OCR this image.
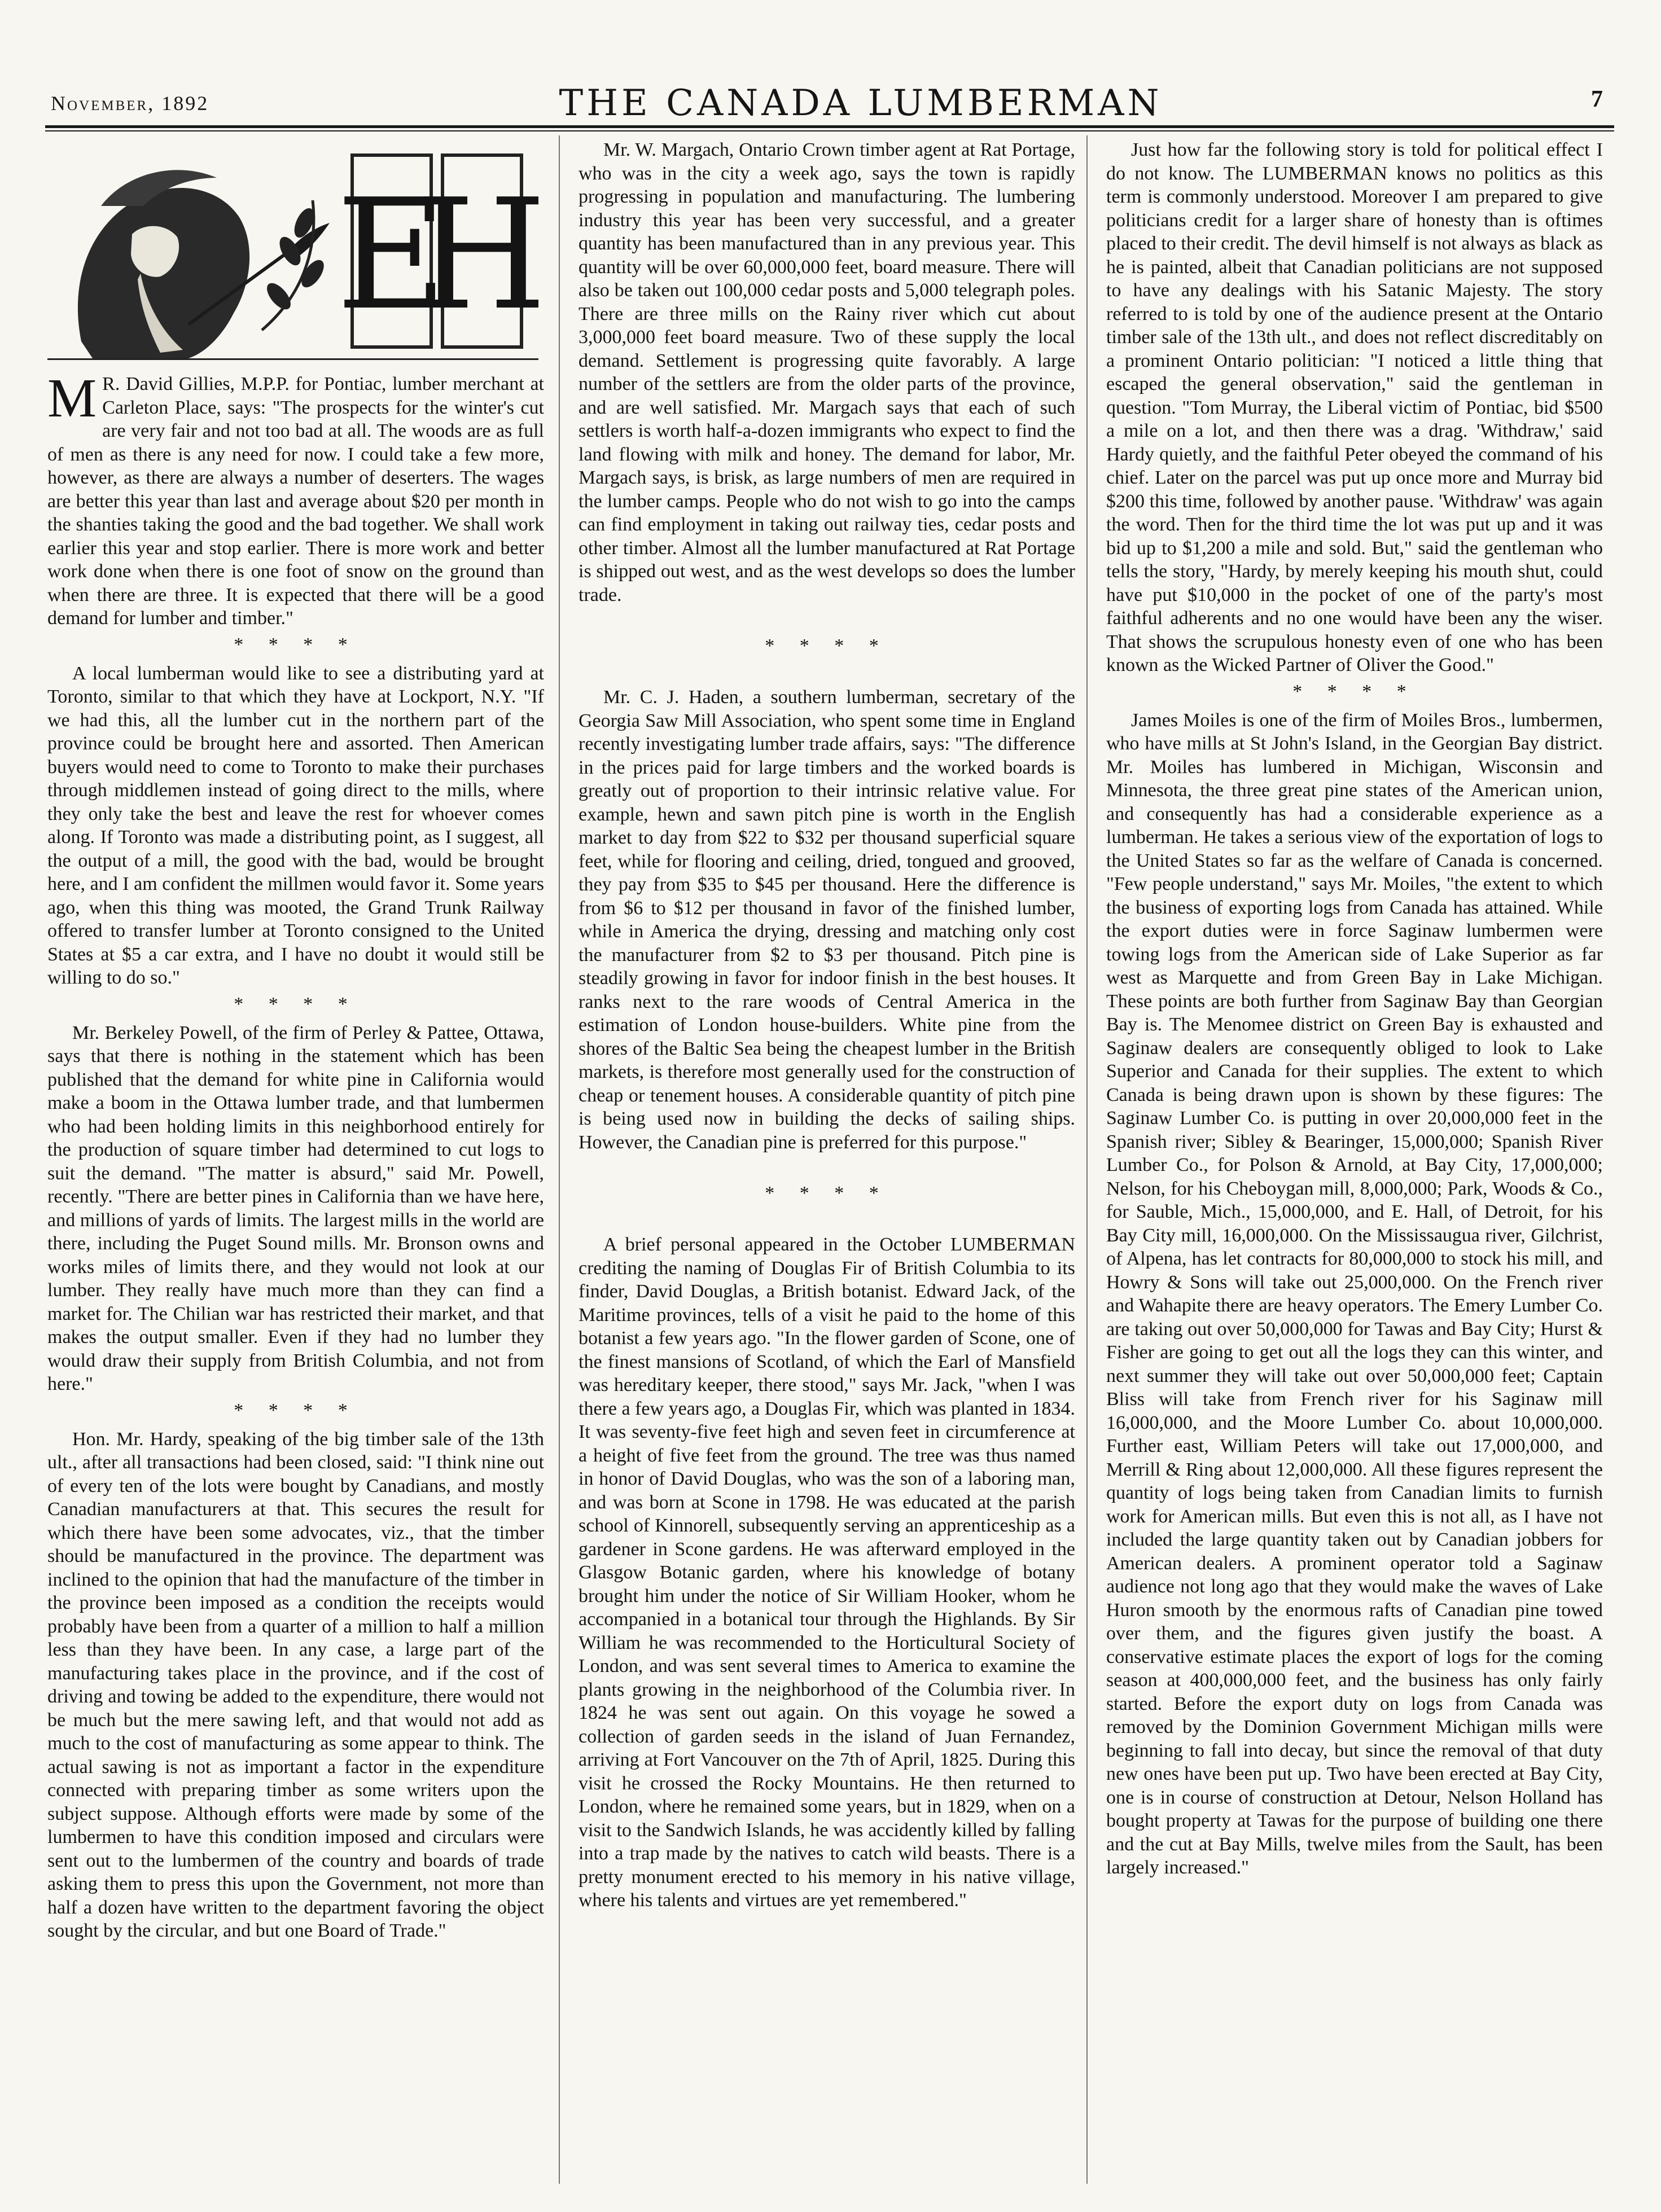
November, 1892	THE CANADA LUMBERMAN	7
E
H

M R. David Gillies, M.P.P. for Pontiac, lumber merchant at Carleton Place, says: "The prospects for the winter's cut are very fair and not too bad at all. The woods are as full of men as there is any need for now. I could take a few more, however, as there are always a number of deserters. The wages are better this year than last and average about $20 per month in the shanties taking the good and the bad together. We shall work earlier this year and stop earlier. There is more work and better work done when there is one foot of snow on the ground than when there are three. It is expected that there will be a good demand for lumber and timber."

* * * *

A local lumberman would like to see a distributing yard at Toronto, similar to that which they have at Lockport, N.Y. "If we had this, all the lumber cut in the northern part of the province could be brought here and assorted. Then American buyers would need to come to Toronto to make their purchases through middlemen instead of going direct to the mills, where they only take the best and leave the rest for whoever comes along. If Toronto was made a distributing point, as I suggest, all the output of a mill, the good with the bad, would be brought here, and I am confident the millmen would favor it. Some years ago, when this thing was mooted, the Grand Trunk Railway offered to transfer lumber at Toronto consigned to the United States at $5 a car extra, and I have no doubt it would still be willing to do so."

* * * *

Mr. Berkeley Powell, of the firm of Perley & Pattee, Ottawa, says that there is nothing in the statement which has been published that the demand for white pine in California would make a boom in the Ottawa lumber trade, and that lumbermen who had been holding limits in this neighborhood entirely for the production of square timber had determined to cut logs to suit the demand. "The matter is absurd," said Mr. Powell, recently. "There are better pines in California than we have here, and millions of yards of limits. The largest mills in the world are there, including the Puget Sound mills. Mr. Bronson owns and works miles of limits there, and they would not look at our lumber. They really have much more than they can find a market for. The Chilian war has restricted their market, and that makes the output smaller. Even if they had no lumber they would draw their supply from British Columbia, and not from here."

* * * *

Hon. Mr. Hardy, speaking of the big timber sale of the 13th ult., after all transactions had been closed, said: "I think nine out of every ten of the lots were bought by Canadians, and mostly Canadian manufacturers at that. This secures the result for which there have been some advocates, viz., that the timber should be manufactured in the province. The department was inclined to the opinion that had the manufacture of the timber in the province been imposed as a condition the receipts would probably have been from a quarter of a million to half a million less than they have been. In any case, a large part of the manufacturing takes place in the province, and if the cost of driving and towing be added to the expenditure, there would not be much but the mere sawing left, and that would not add as much to the cost of manufacturing as some appear to think. The actual sawing is not as important a factor in the expenditure connected with preparing timber as some writers upon the subject suppose. Although efforts were made by some of the lumbermen to have this condition imposed and circulars were sent out to the lumbermen of the country and boards of trade asking them to press this upon the Government, not more than half a dozen have written to the department favoring the object sought by the circular, and but one Board of Trade."

Mr. W. Margach, Ontario Crown timber agent at Rat Portage, who was in the city a week ago, says the town is rapidly progressing in population and manufacturing. The lumbering industry this year has been very successful, and a greater quantity has been manufactured than in any previous year. This quantity will be over 60,000,000 feet, board measure. There will also be taken out 100,000 cedar posts and 5,000 telegraph poles. There are three mills on the Rainy river which cut about 3,000,000 feet board measure. Two of these supply the local demand. Settlement is progressing quite favorably. A large number of the settlers are from the older parts of the province, and are well satisfied. Mr. Margach says that each of such settlers is worth half-a-dozen immigrants who expect to find the land flowing with milk and honey. The demand for labor, Mr. Margach says, is brisk, as large numbers of men are required in the lumber camps. People who do not wish to go into the camps can find employment in taking out railway ties, cedar posts and other timber. Almost all the lumber manufactured at Rat Portage is shipped out west, and as the west develops so does the lumber trade.

* * * *

Mr. C. J. Haden, a southern lumberman, secretary of the Georgia Saw Mill Association, who spent some time in England recently investigating lumber trade affairs, says: "The difference in the prices paid for large timbers and the worked boards is greatly out of proportion to their intrinsic relative value. For example, hewn and sawn pitch pine is worth in the English market to day from $22 to $32 per thousand superficial square feet, while for flooring and ceiling, dried, tongued and grooved, they pay from $35 to $45 per thousand. Here the difference is from $6 to $12 per thousand in favor of the finished lumber, while in America the drying, dressing and matching only cost the manufacturer from $2 to $3 per thousand. Pitch pine is steadily growing in favor for indoor finish in the best houses. It ranks next to the rare woods of Central America in the estimation of London house-builders. White pine from the shores of the Baltic Sea being the cheapest lumber in the British markets, is therefore most generally used for the construction of cheap or tenement houses. A considerable quantity of pitch pine is being used now in building the decks of sailing ships. However, the Canadian pine is preferred for this purpose."

* * * *

A brief personal appeared in the October LUMBERMAN crediting the naming of Douglas Fir of British Columbia to its finder, David Douglas, a British botanist. Edward Jack, of the Maritime provinces, tells of a visit he paid to the home of this botanist a few years ago. "In the flower garden of Scone, one of the finest mansions of Scotland, of which the Earl of Mansfield was hereditary keeper, there stood," says Mr. Jack, "when I was there a few years ago, a Douglas Fir, which was planted in 1834. It was seventy-five feet high and seven feet in circumference at a height of five feet from the ground. The tree was thus named in honor of David Douglas, who was the son of a laboring man, and was born at Scone in 1798. He was educated at the parish school of Kinnorell, subsequently serving an apprenticeship as a gardener in Scone gardens. He was afterward employed in the Glasgow Botanic garden, where his knowledge of botany brought him under the notice of Sir William Hooker, whom he accompanied in a botanical tour through the Highlands. By Sir William he was recommended to the Horticultural Society of London, and was sent several times to America to examine the plants growing in the neighborhood of the Columbia river. In 1824 he was sent out again. On this voyage he sowed a collection of garden seeds in the island of Juan Fernandez, arriving at Fort Vancouver on the 7th of April, 1825. During this visit he crossed the Rocky Mountains. He then returned to London, where he remained some years, but in 1829, when on a visit to the Sandwich Islands, he was accidently killed by falling into a trap made by the natives to catch wild beasts. There is a pretty monument erected to his memory in his native village, where his talents and virtues are yet remembered."

Just how far the following story is told for political effect I do not know. The LUMBERMAN knows no politics as this term is commonly understood. Moreover I am prepared to give politicians credit for a larger share of honesty than is oftimes placed to their credit. The devil himself is not always as black as he is painted, albeit that Canadian politicians are not supposed to have any dealings with his Satanic Majesty. The story referred to is told by one of the audience present at the Ontario timber sale of the 13th ult., and does not reflect discreditably on a prominent Ontario politician: "I noticed a little thing that escaped the general observation," said the gentleman in question. "Tom Murray, the Liberal victim of Pontiac, bid $500 a mile on a lot, and then there was a drag. 'Withdraw,' said Hardy quietly, and the faithful Peter obeyed the command of his chief. Later on the parcel was put up once more and Murray bid $200 this time, followed by another pause. 'Withdraw' was again the word. Then for the third time the lot was put up and it was bid up to $1,200 a mile and sold. But," said the gentleman who tells the story, "Hardy, by merely keeping his mouth shut, could have put $10,000 in the pocket of one of the party's most faithful adherents and no one would have been any the wiser. That shows the scrupulous honesty even of one who has been known as the Wicked Partner of Oliver the Good."

* * * *

James Moiles is one of the firm of Moiles Bros., lumbermen, who have mills at St John's Island, in the Georgian Bay district. Mr. Moiles has lumbered in Michigan, Wisconsin and Minnesota, the three great pine states of the American union, and consequently has had a considerable experience as a lumberman. He takes a serious view of the exportation of logs to the United States so far as the welfare of Canada is concerned. "Few people understand," says Mr. Moiles, "the extent to which the business of exporting logs from Canada has attained. While the export duties were in force Saginaw lumbermen were towing logs from the American side of Lake Superior as far west as Marquette and from Green Bay in Lake Michigan. These points are both further from Saginaw Bay than Georgian Bay is. The Menomee district on Green Bay is exhausted and Saginaw dealers are consequently obliged to look to Lake Superior and Canada for their supplies. The extent to which Canada is being drawn upon is shown by these figures: The Saginaw Lumber Co. is putting in over 20,000,000 feet in the Spanish river; Sibley & Bearinger, 15,000,000; Spanish River Lumber Co., for Polson & Arnold, at Bay City, 17,000,000; Nelson, for his Cheboygan mill, 8,000,000; Park, Woods & Co., for Sauble, Mich., 15,000,000, and E. Hall, of Detroit, for his Bay City mill, 16,000,000. On the Mississaugua river, Gilchrist, of Alpena, has let contracts for 80,000,000 to stock his mill, and Howry & Sons will take out 25,000,000. On the French river and Wahapite there are heavy operators. The Emery Lumber Co. are taking out over 50,000,000 for Tawas and Bay City; Hurst & Fisher are going to get out all the logs they can this winter, and next summer they will take out over 50,000,000 feet; Captain Bliss will take from French river for his Saginaw mill 16,000,000, and the Moore Lumber Co. about 10,000,000. Further east, William Peters will take out 17,000,000, and Merrill & Ring about 12,000,000. All these figures represent the quantity of logs being taken from Canadian limits to furnish work for American mills. But even this is not all, as I have not included the large quantity taken out by Canadian jobbers for American dealers. A prominent operator told a Saginaw audience not long ago that they would make the waves of Lake Huron smooth by the enormous rafts of Canadian pine towed over them, and the figures given justify the boast. A conservative estimate places the export of logs for the coming season at 400,000,000 feet, and the business has only fairly started. Before the export duty on logs from Canada was removed by the Dominion Government Michigan mills were beginning to fall into decay, but since the removal of that duty new ones have been put up. Two have been erected at Bay City, one is in course of construction at Detour, Nelson Holland has bought property at Tawas for the purpose of building one there and the cut at Bay Mills, twelve miles from the Sault, has been largely increased."
